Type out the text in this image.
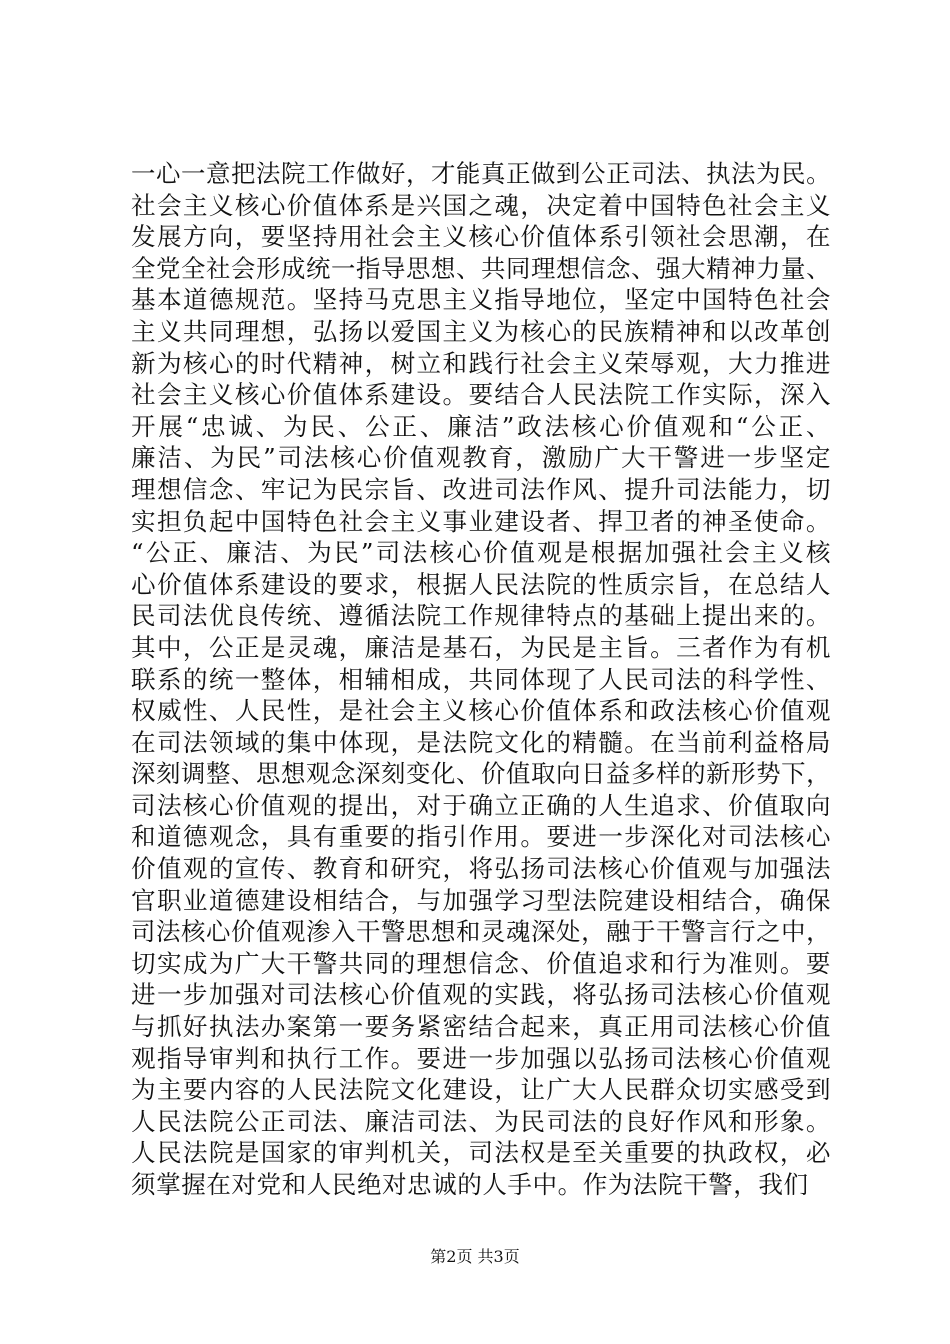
一心一意把法院工作做好，才能真正做到公正司法、执法为民。
社会主义核心价值体系是兴国之魂，决定着中国特色社会主义
发展方向，要坚持用社会主义核心价值体系引领社会思潮，在
全党全社会形成统一指导思想、共同理想信念、强大精神力量、
基本道德规范。坚持马克思主义指导地位，坚定中国特色社会
主义共同理想，弘扬以爱国主义为核心的民族精神和以改革创
新为核心的时代精神，树立和践行社会主义荣辱观，大力推进
社会主义核心价值体系建设。要结合人民法院工作实际，深入
开展“忠诚、为民、公正、廉洁”政法核心价值观和“公正、
廉洁、为民”司法核心价值观教育，激励广大干警进一步坚定
理想信念、牢记为民宗旨、改进司法作风、提升司法能力，切
实担负起中国特色社会主义事业建设者、捍卫者的神圣使命。
“公正、廉洁、为民”司法核心价值观是根据加强社会主义核
心价值体系建设的要求，根据人民法院的性质宗旨，在总结人
民司法优良传统、遵循法院工作规律特点的基础上提出来的。
其中，公正是灵魂，廉洁是基石，为民是主旨。三者作为有机
联系的统一整体，相辅相成，共同体现了人民司法的科学性、
权威性、人民性，是社会主义核心价值体系和政法核心价值观
在司法领域的集中体现，是法院文化的精髓。在当前利益格局
深刻调整、思想观念深刻变化、价值取向日益多样的新形势下，
司法核心价值观的提出，对于确立正确的人生追求、价值取向
和道德观念，具有重要的指引作用。要进一步深化对司法核心
价值观的宣传、教育和研究，将弘扬司法核心价值观与加强法
官职业道德建设相结合，与加强学习型法院建设相结合，确保
司法核心价值观渗入干警思想和灵魂深处，融于干警言行之中，
切实成为广大干警共同的理想信念、价值追求和行为准则。要
进一步加强对司法核心价值观的实践，将弘扬司法核心价值观
与抓好执法办案第一要务紧密结合起来，真正用司法核心价值
观指导审判和执行工作。要进一步加强以弘扬司法核心价值观
为主要内容的人民法院文化建设，让广大人民群众切实感受到
人民法院公正司法、廉洁司法、为民司法的良好作风和形象。
人民法院是国家的审判机关，司法权是至关重要的执政权，必
须掌握在对党和人民绝对忠诚的人手中。作为法院干警，我们
第2页 共3页
